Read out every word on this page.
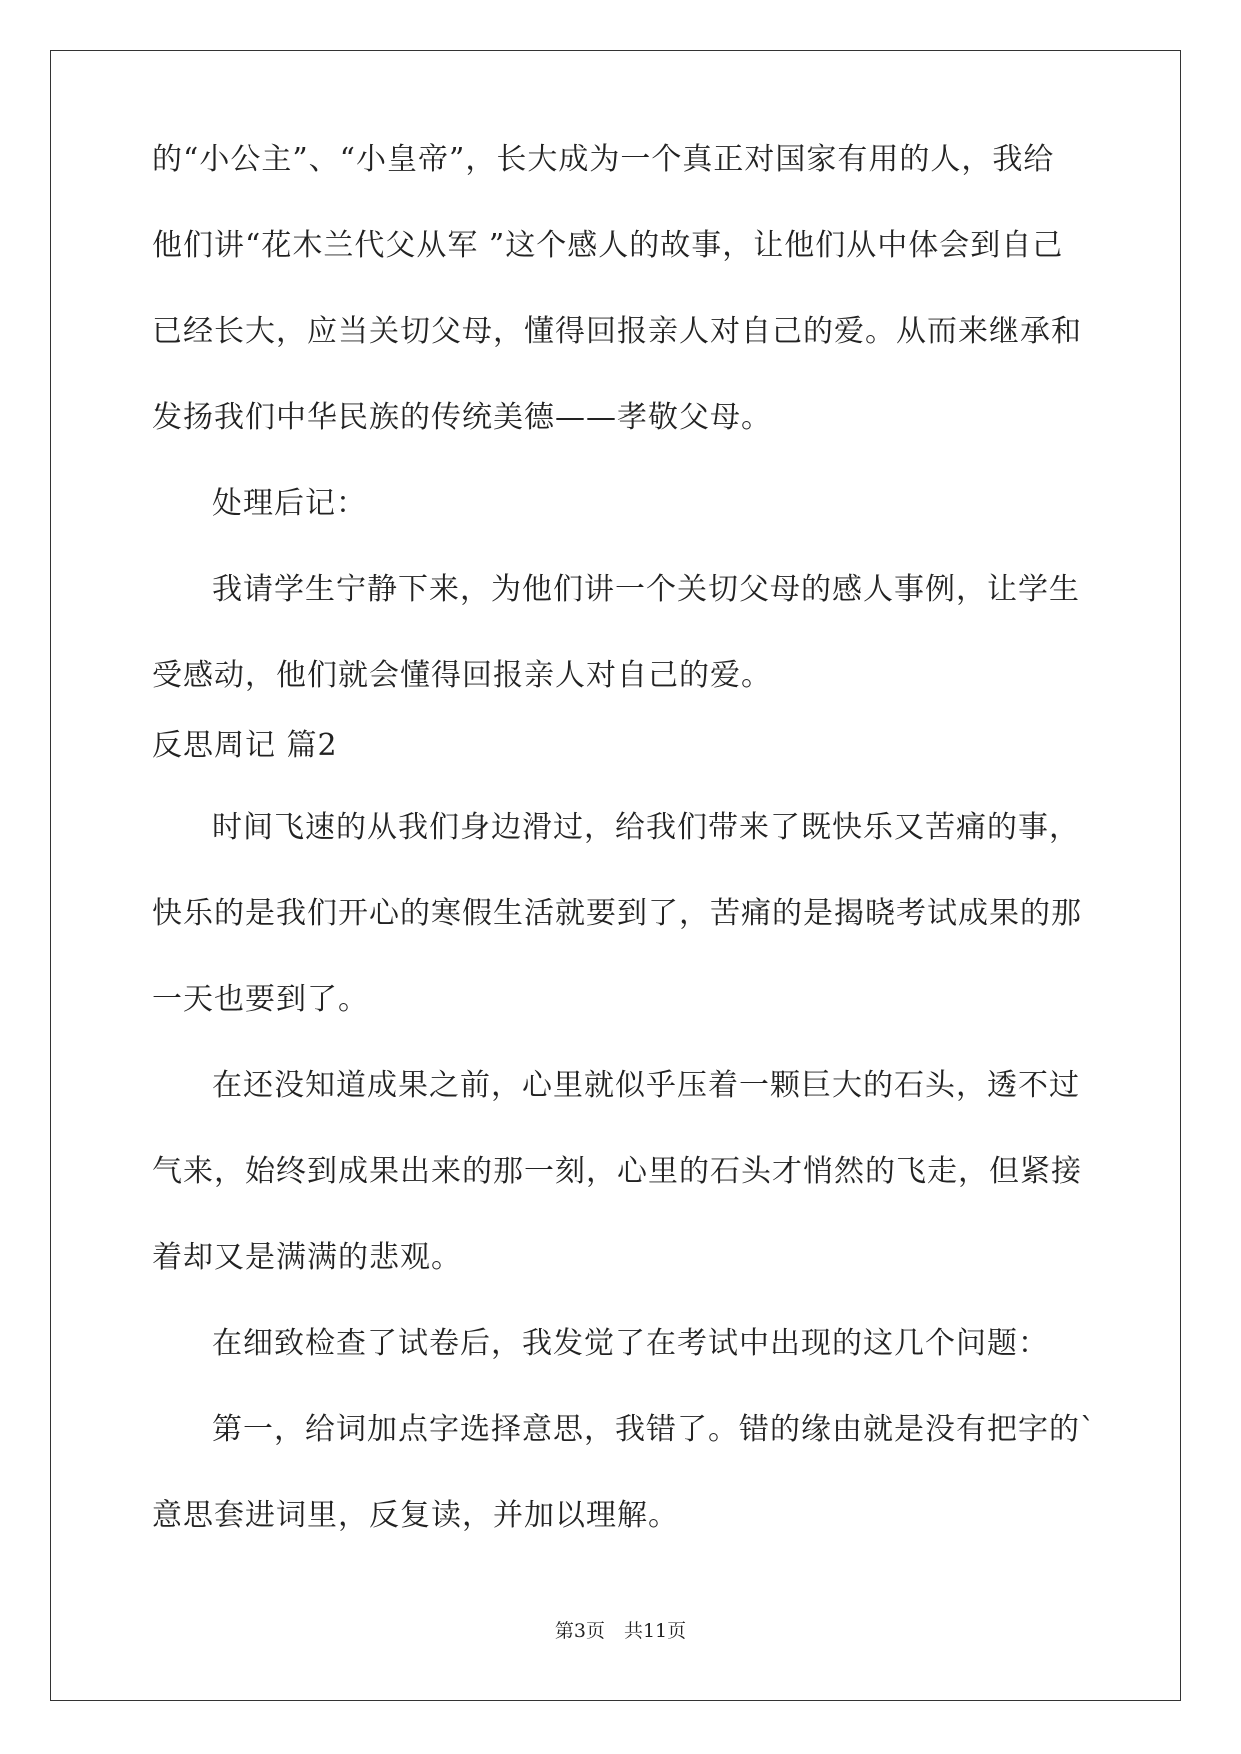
的“小公主”、“小皇帝”，长大成为一个真正对国家有用的人，我给
他们讲“花木兰代父从军 ”这个感人的故事，让他们从中体会到自己
已经长大，应当关切父母，懂得回报亲人对自己的爱。从而来继承和
发扬我们中华民族的传统美德——孝敬父母。
处理后记：
我请学生宁静下来，为他们讲一个关切父母的感人事例，让学生
受感动，他们就会懂得回报亲人对自己的爱。
反思周记 篇2
时间飞速的从我们身边滑过，给我们带来了既快乐又苦痛的事，
快乐的是我们开心的寒假生活就要到了，苦痛的是揭晓考试成果的那
一天也要到了。
在还没知道成果之前，心里就似乎压着一颗巨大的石头，透不过
气来，始终到成果出来的那一刻，心里的石头才悄然的飞走，但紧接
着却又是满满的悲观。
在细致检查了试卷后，我发觉了在考试中出现的这几个问题：
第一，给词加点字选择意思，我错了。错的缘由就是没有把字的`
意思套进词里，反复读，并加以理解。
第3页　共11页
